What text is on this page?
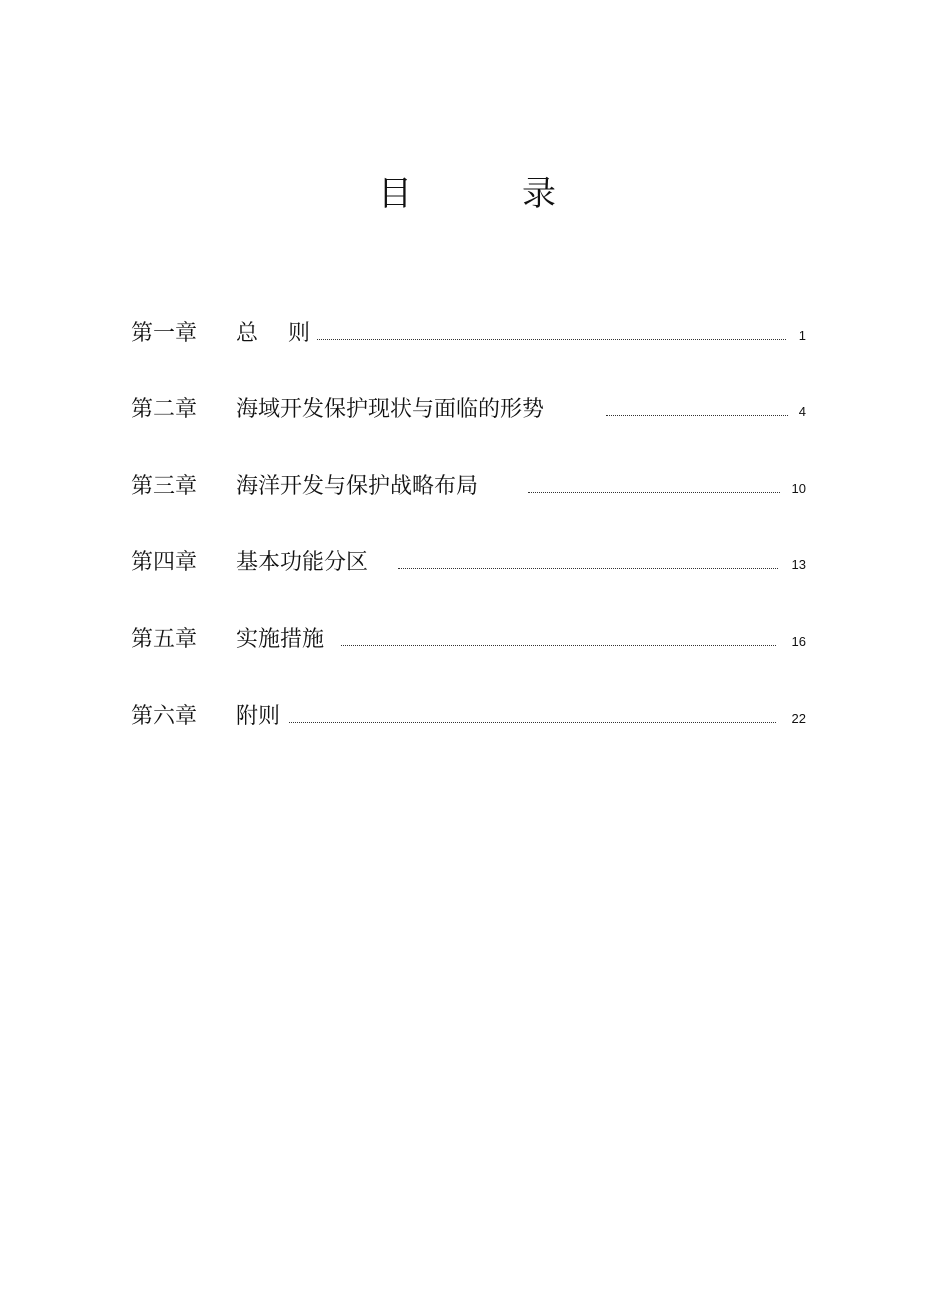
目	录
第一章 总则	1
第二章 海域开发保护现状与面临的形势	4
第三章 海洋开发与保护战略布局	10
第四章 基本功能分区	13
第五章 实施措施	16
第六章 附则	22
